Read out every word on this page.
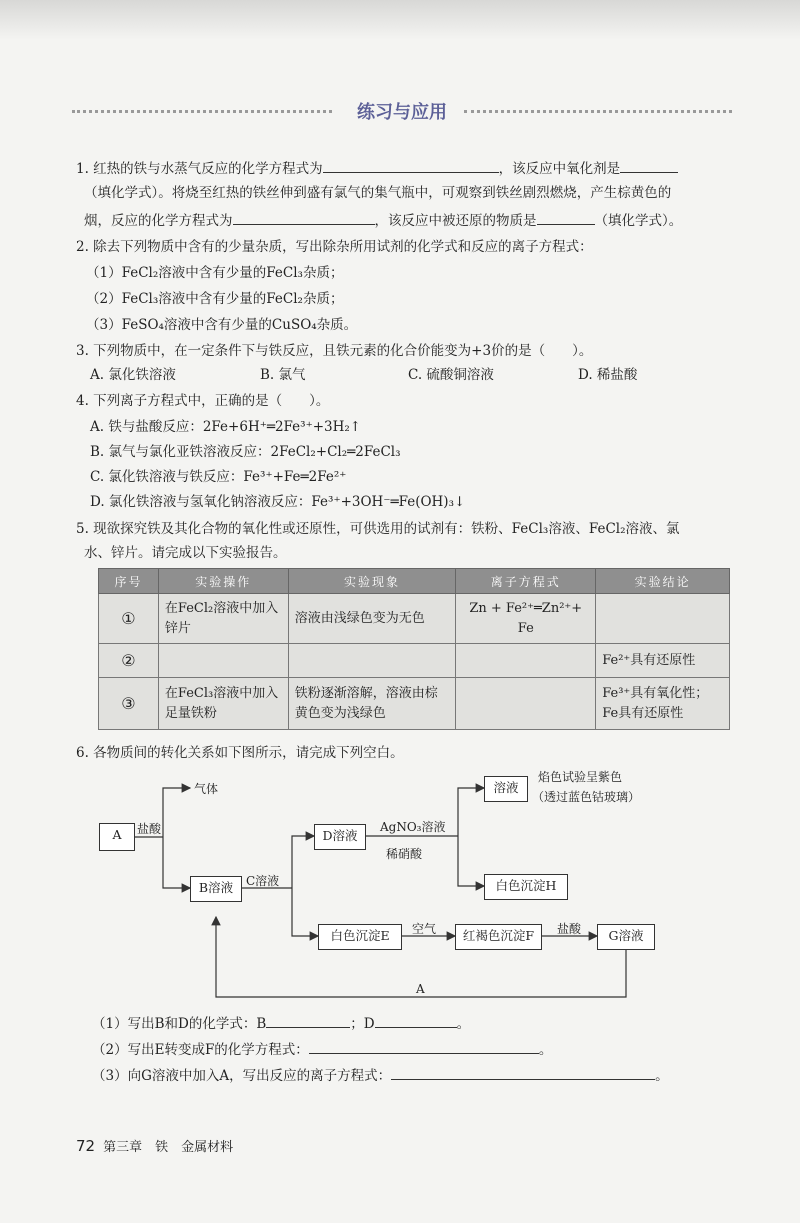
练习与应用
1. 红热的铁与水蒸气反应的化学方程式为	，该反应中氧化剂是
（填化学式）。将烧至红热的铁丝伸到盛有氯气的集气瓶中，可观察到铁丝剧烈燃烧，产生棕黄色的
烟，反应的化学方程式为	，该反应中被还原的物质是	（填化学式）。
2. 除去下列物质中含有的少量杂质，写出除杂所用试剂的化学式和反应的离子方程式：
（1）FeCl₂溶液中含有少量的FeCl₃杂质；
（2）FeCl₃溶液中含有少量的FeCl₂杂质；
（3）FeSO₄溶液中含有少量的CuSO₄杂质。
3. 下列物质中，在一定条件下与铁反应，且铁元素的化合价能变为+3价的是（　　）。
A. 氯化铁溶液	B. 氯气	C. 硫酸铜溶液	D. 稀盐酸
4. 下列离子方程式中，正确的是（　　）。
A. 铁与盐酸反应：2Fe+6H⁺═2Fe³⁺+3H₂↑
B. 氯气与氯化亚铁溶液反应：2FeCl₂+Cl₂═2FeCl₃
C. 氯化铁溶液与铁反应：Fe³⁺+Fe═2Fe²⁺
D. 氯化铁溶液与氢氧化钠溶液反应：Fe³⁺+3OH⁻═Fe(OH)₃↓
5. 现欲探究铁及其化合物的氧化性或还原性，可供选用的试剂有：铁粉、FeCl₃溶液、FeCl₂溶液、氯
水、锌片。请完成以下实验报告。
序号	实验操作	实验现象	离子方程式	实验结论
①	在FeCl₂溶液中加入锌片	溶液由浅绿色变为无色	Zn + Fe²⁺═Zn²⁺+ Fe	
②				Fe²⁺具有还原性
③	在FeCl₃溶液中加入足量铁粉	铁粉逐渐溶解，溶液由棕黄色变为浅绿色		Fe³⁺具有氧化性；Fe具有还原性
6. 各物质间的转化关系如下图所示，请完成下列空白。
A
B溶液
D溶液
溶液
白色沉淀H
白色沉淀E	红褐色沉淀F	G溶液
气体
盐酸
C溶液
AgNO₃溶液
稀硝酸
焰色试验呈紫色
（透过蓝色钴玻璃）
空气	盐酸
A
（1）写出B和D的化学式：B	；D	。
（2）写出E转变成F的化学方程式：	。
（3）向G溶液中加入A，写出反应的离子方程式：	。
72 第三章　铁　金属材料
